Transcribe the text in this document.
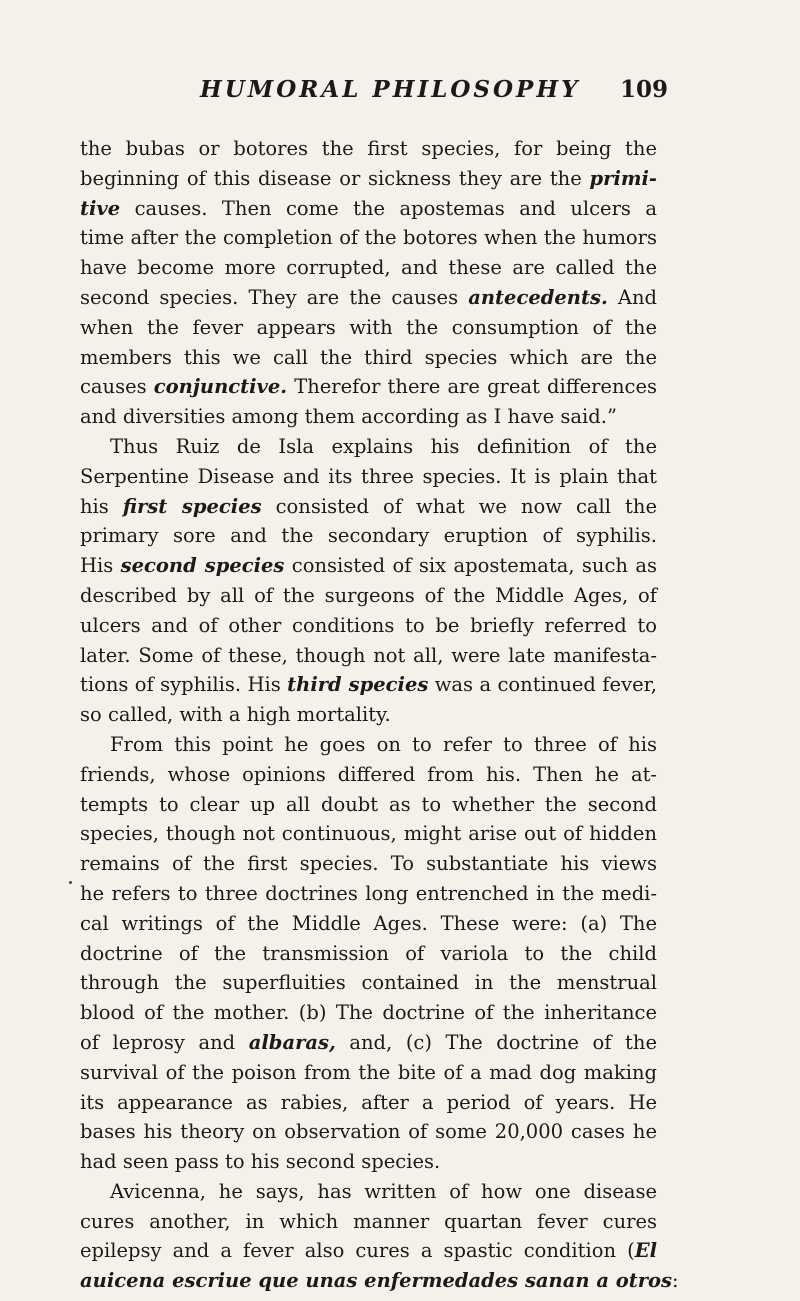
HUMORAL PHILOSOPHY 109
the bubas or botores the first species, for being the
beginning of this disease or sickness they are the primi-
tive causes. Then come the apostemas and ulcers a
time after the completion of the botores when the humors
have become more corrupted, and these are called the
second species. They are the causes antecedents. And
when the fever appears with the consumption of the
members this we call the third species which are the
causes conjunctive. Therefor there are great differences
and diversities among them according as I have said.”
Thus Ruiz de Isla explains his definition of the
Serpentine Disease and its three species. It is plain that
his first species consisted of what we now call the
primary sore and the secondary eruption of syphilis.
His second species consisted of six apostemata, such as
described by all of the surgeons of the Middle Ages, of
ulcers and of other conditions to be briefly referred to
later. Some of these, though not all, were late manifesta-
tions of syphilis. His third species was a continued fever,
so called, with a high mortality.
From this point he goes on to refer to three of his
friends, whose opinions differed from his. Then he at-
tempts to clear up all doubt as to whether the second
species, though not continuous, might arise out of hidden
remains of the first species. To substantiate his views
he refers to three doctrines long entrenched in the medi-
cal writings of the Middle Ages. These were: (a) The
doctrine of the transmission of variola to the child
through the superfluities contained in the menstrual
blood of the mother. (b) The doctrine of the inheritance
of leprosy and albaras, and, (c) The doctrine of the
survival of the poison from the bite of a mad dog making
its appearance as rabies, after a period of years. He
bases his theory on observation of some 20,000 cases he
had seen pass to his second species.
Avicenna, he says, has written of how one disease
cures another, in which manner quartan fever cures
epilepsy and a fever also cures a spastic condition (El
auicena escriue que unas enfermedades sanan a otros:
